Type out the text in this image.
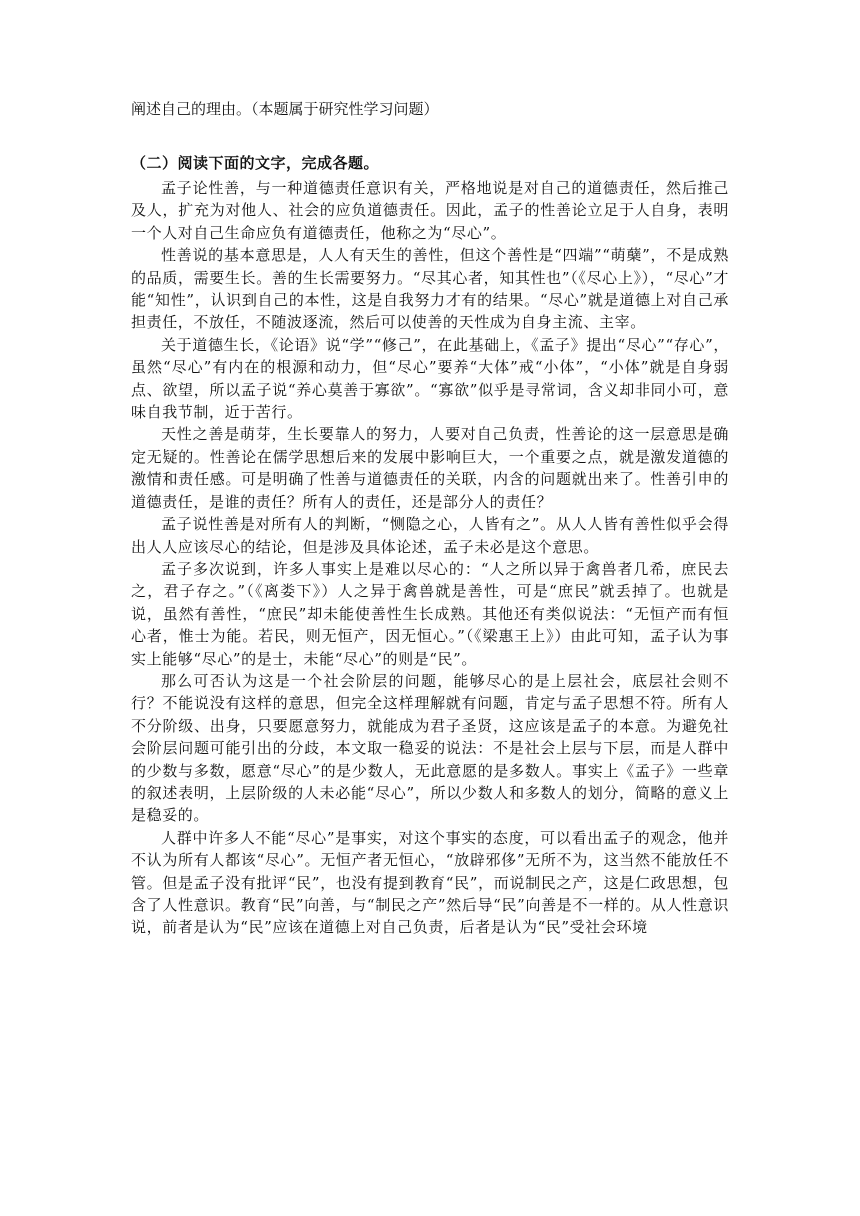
阐述自己的理由。（本题属于研究性学习问题）

（二）阅读下面的文字，完成各题。

孟子论性善，与一种道德责任意识有关，严格地说是对自己的道德责任，然后推己及人，扩充为对他人、社会的应负道德责任。因此，孟子的性善论立足于人自身，表明一个人对自己生命应负有道德责任，他称之为“尽心”。

性善说的基本意思是，人人有天生的善性，但这个善性是“四端”“萌蘖”，不是成熟的品质，需要生长。善的生长需要努力。“尽其心者，知其性也”（《尽心上》），“尽心”才能“知性”，认识到自己的本性，这是自我努力才有的结果。“尽心”就是道德上对自己承担责任，不放任，不随波逐流，然后可以使善的天性成为自身主流、主宰。

关于道德生长，《论语》说“学”“修己”，在此基础上，《孟子》提出“尽心”“存心”，虽然“尽心”有内在的根源和动力，但“尽心”要养“大体”戒“小体”，“小体”就是自身弱点、欲望，所以孟子说“养心莫善于寡欲”。“寡欲”似乎是寻常词，含义却非同小可，意味自我节制，近于苦行。

天性之善是萌芽，生长要靠人的努力，人要对自己负责，性善论的这一层意思是确定无疑的。性善论在儒学思想后来的发展中影响巨大，一个重要之点，就是激发道德的激情和责任感。可是明确了性善与道德责任的关联，内含的问题就出来了。性善引申的道德责任，是谁的责任？所有人的责任，还是部分人的责任？

孟子说性善是对所有人的判断，“恻隐之心，人皆有之”。从人人皆有善性似乎会得出人人应该尽心的结论，但是涉及具体论述，孟子未必是这个意思。

孟子多次说到，许多人事实上是难以尽心的：“人之所以异于禽兽者几希，庶民去之，君子存之。”（《离娄下》）人之异于禽兽就是善性，可是“庶民”就丢掉了。也就是说，虽然有善性，“庶民”却未能使善性生长成熟。其他还有类似说法：“无恒产而有恒心者，惟士为能。若民，则无恒产，因无恒心。”（《梁惠王上》）由此可知，孟子认为事实上能够“尽心”的是士，未能“尽心”的则是“民”。

那么可否认为这是一个社会阶层的问题，能够尽心的是上层社会，底层社会则不行？不能说没有这样的意思，但完全这样理解就有问题，肯定与孟子思想不符。所有人不分阶级、出身，只要愿意努力，就能成为君子圣贤，这应该是孟子的本意。为避免社会阶层问题可能引出的分歧，本文取一稳妥的说法：不是社会上层与下层，而是人群中的少数与多数，愿意“尽心”的是少数人，无此意愿的是多数人。事实上《孟子》一些章的叙述表明，上层阶级的人未必能“尽心”，所以少数人和多数人的划分，简略的意义上是稳妥的。

人群中许多人不能“尽心”是事实，对这个事实的态度，可以看出孟子的观念，他并不认为所有人都该“尽心”。无恒产者无恒心，“放辟邪侈”无所不为，这当然不能放任不管。但是孟子没有批评“民”，也没有提到教育“民”，而说制民之产，这是仁政思想，包含了人性意识。教育“民”向善，与“制民之产”然后导“民”向善是不一样的。从人性意识说，前者是认为“民”应该在道德上对自己负责，后者是认为“民”受社会环境
